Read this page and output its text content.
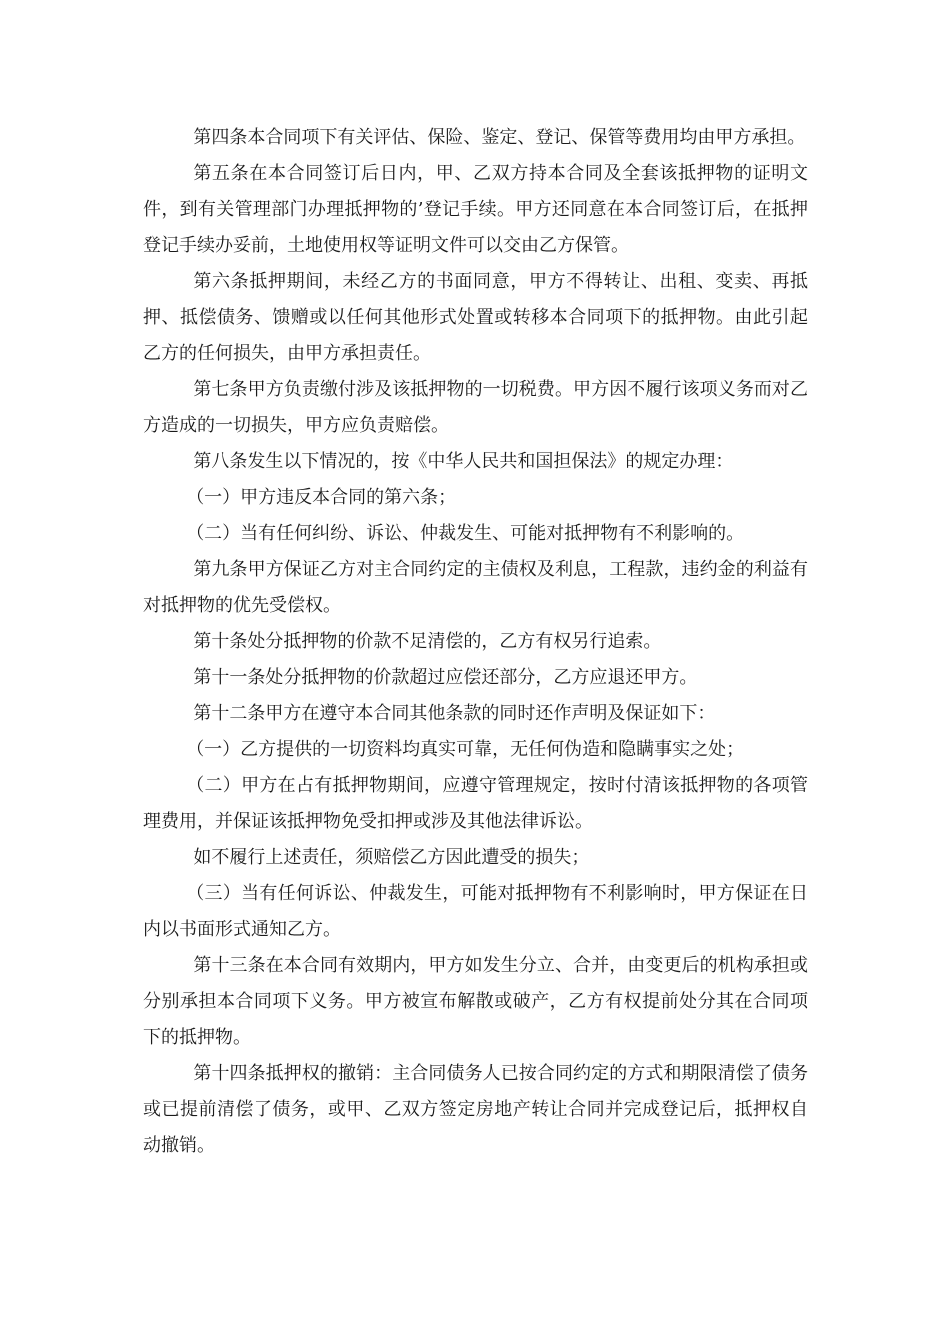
第四条本合同项下有关评估、保险、鉴定、登记、保管等费用均由甲方承担。

第五条在本合同签订后日内，甲、乙双方持本合同及全套该抵押物的证明文件，到有关管理部门办理抵押物的’登记手续。甲方还同意在本合同签订后，在抵押登记手续办妥前，土地使用权等证明文件可以交由乙方保管。

第六条抵押期间，未经乙方的书面同意，甲方不得转让、出租、变卖、再抵押、抵偿债务、馈赠或以任何其他形式处置或转移本合同项下的抵押物。由此引起乙方的任何损失，由甲方承担责任。

第七条甲方负责缴付涉及该抵押物的一切税费。甲方因不履行该项义务而对乙方造成的一切损失，甲方应负责赔偿。

第八条发生以下情况的，按《中华人民共和国担保法》的规定办理：

（一）甲方违反本合同的第六条；

（二）当有任何纠纷、诉讼、仲裁发生、可能对抵押物有不利影响的。

第九条甲方保证乙方对主合同约定的主债权及利息，工程款，违约金的利益有对抵押物的优先受偿权。

第十条处分抵押物的价款不足清偿的，乙方有权另行追索。

第十一条处分抵押物的价款超过应偿还部分，乙方应退还甲方。

第十二条甲方在遵守本合同其他条款的同时还作声明及保证如下：

（一）乙方提供的一切资料均真实可靠，无任何伪造和隐瞒事实之处；

（二）甲方在占有抵押物期间，应遵守管理规定，按时付清该抵押物的各项管理费用，并保证该抵押物免受扣押或涉及其他法律诉讼。

如不履行上述责任，须赔偿乙方因此遭受的损失；

（三）当有任何诉讼、仲裁发生，可能对抵押物有不利影响时，甲方保证在日内以书面形式通知乙方。

第十三条在本合同有效期内，甲方如发生分立、合并，由变更后的机构承担或分别承担本合同项下义务。甲方被宣布解散或破产，乙方有权提前处分其在合同项下的抵押物。

第十四条抵押权的撤销：主合同债务人已按合同约定的方式和期限清偿了债务或已提前清偿了债务，或甲、乙双方签定房地产转让合同并完成登记后，抵押权自动撤销。
